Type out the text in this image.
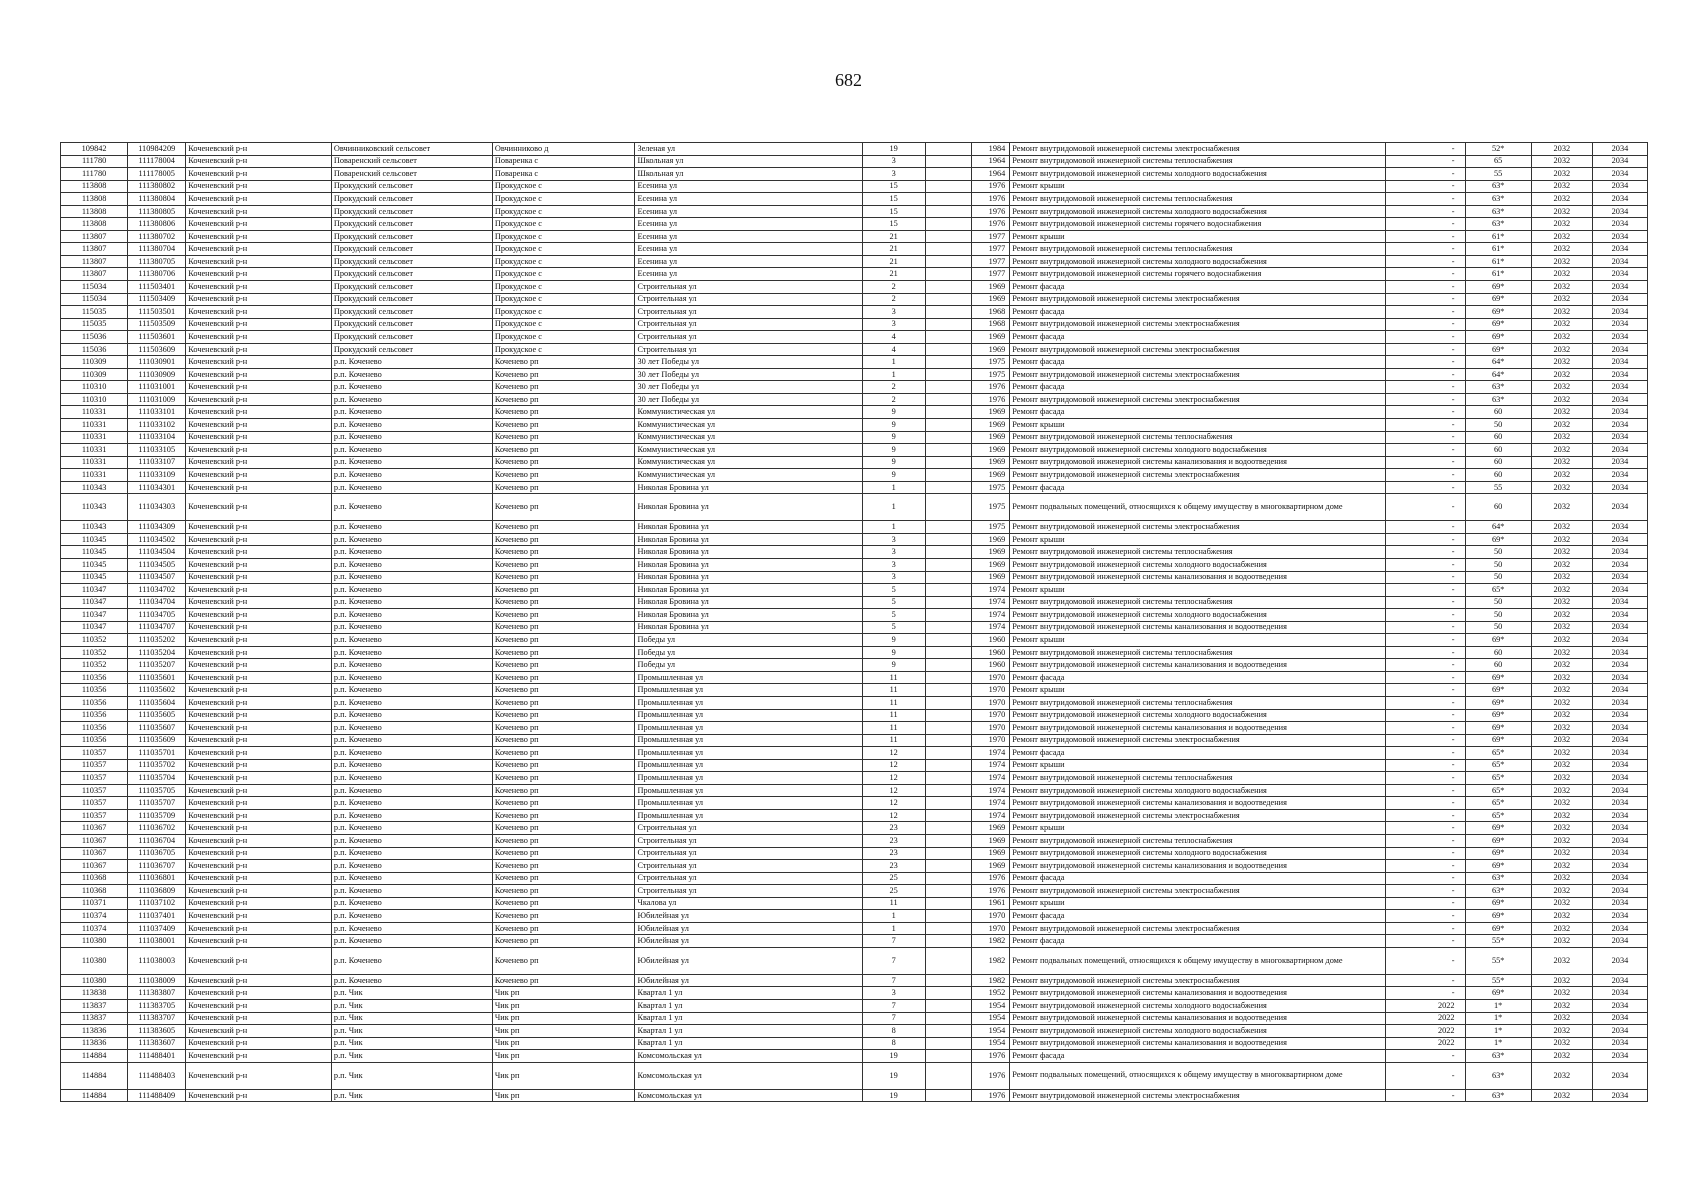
682
109842	110984209	Коченевский р-н	Овчинниковский сельсовет	Овчинниково д	Зеленая ул	19		1984	Ремонт внутридомовой инженерной системы электроснабжения	-	52*	2032	2034
111780	111178004	Коченевский р-н	Поваренский сельсовет	Поваренка с	Школьная ул	3		1964	Ремонт внутридомовой инженерной системы теплоснабжения	-	65	2032	2034
111780	111178005	Коченевский р-н	Поваренский сельсовет	Поваренка с	Школьная ул	3		1964	Ремонт внутридомовой инженерной системы холодного водоснабжения	-	55	2032	2034
113808	111380802	Коченевский р-н	Прокудский сельсовет	Прокудское с	Есенина ул	15		1976	Ремонт крыши	-	63*	2032	2034
113808	111380804	Коченевский р-н	Прокудский сельсовет	Прокудское с	Есенина ул	15		1976	Ремонт внутридомовой инженерной системы теплоснабжения	-	63*	2032	2034
113808	111380805	Коченевский р-н	Прокудский сельсовет	Прокудское с	Есенина ул	15		1976	Ремонт внутридомовой инженерной системы холодного водоснабжения	-	63*	2032	2034
113808	111380806	Коченевский р-н	Прокудский сельсовет	Прокудское с	Есенина ул	15		1976	Ремонт внутридомовой инженерной системы горячего водоснабжения	-	63*	2032	2034
113807	111380702	Коченевский р-н	Прокудский сельсовет	Прокудское с	Есенина ул	21		1977	Ремонт крыши	-	61*	2032	2034
113807	111380704	Коченевский р-н	Прокудский сельсовет	Прокудское с	Есенина ул	21		1977	Ремонт внутридомовой инженерной системы теплоснабжения	-	61*	2032	2034
113807	111380705	Коченевский р-н	Прокудский сельсовет	Прокудское с	Есенина ул	21		1977	Ремонт внутридомовой инженерной системы холодного водоснабжения	-	61*	2032	2034
113807	111380706	Коченевский р-н	Прокудский сельсовет	Прокудское с	Есенина ул	21		1977	Ремонт внутридомовой инженерной системы горячего водоснабжения	-	61*	2032	2034
115034	111503401	Коченевский р-н	Прокудский сельсовет	Прокудское с	Строительная ул	2		1969	Ремонт фасада	-	69*	2032	2034
115034	111503409	Коченевский р-н	Прокудский сельсовет	Прокудское с	Строительная ул	2		1969	Ремонт внутридомовой инженерной системы электроснабжения	-	69*	2032	2034
115035	111503501	Коченевский р-н	Прокудский сельсовет	Прокудское с	Строительная ул	3		1968	Ремонт фасада	-	69*	2032	2034
115035	111503509	Коченевский р-н	Прокудский сельсовет	Прокудское с	Строительная ул	3		1968	Ремонт внутридомовой инженерной системы электроснабжения	-	69*	2032	2034
115036	111503601	Коченевский р-н	Прокудский сельсовет	Прокудское с	Строительная ул	4		1969	Ремонт фасада	-	69*	2032	2034
115036	111503609	Коченевский р-н	Прокудский сельсовет	Прокудское с	Строительная ул	4		1969	Ремонт внутридомовой инженерной системы электроснабжения	-	69*	2032	2034
110309	111030901	Коченевский р-н	р.п. Коченево	Коченево рп	30 лет Победы ул	1		1975	Ремонт фасада	-	64*	2032	2034
110309	111030909	Коченевский р-н	р.п. Коченево	Коченево рп	30 лет Победы ул	1		1975	Ремонт внутридомовой инженерной системы электроснабжения	-	64*	2032	2034
110310	111031001	Коченевский р-н	р.п. Коченево	Коченево рп	30 лет Победы ул	2		1976	Ремонт фасада	-	63*	2032	2034
110310	111031009	Коченевский р-н	р.п. Коченево	Коченево рп	30 лет Победы ул	2		1976	Ремонт внутридомовой инженерной системы электроснабжения	-	63*	2032	2034
110331	111033101	Коченевский р-н	р.п. Коченево	Коченево рп	Коммунистическая ул	9		1969	Ремонт фасада	-	60	2032	2034
110331	111033102	Коченевский р-н	р.п. Коченево	Коченево рп	Коммунистическая ул	9		1969	Ремонт крыши	-	50	2032	2034
110331	111033104	Коченевский р-н	р.п. Коченево	Коченево рп	Коммунистическая ул	9		1969	Ремонт внутридомовой инженерной системы теплоснабжения	-	60	2032	2034
110331	111033105	Коченевский р-н	р.п. Коченево	Коченево рп	Коммунистическая ул	9		1969	Ремонт внутридомовой инженерной системы холодного водоснабжения	-	60	2032	2034
110331	111033107	Коченевский р-н	р.п. Коченево	Коченево рп	Коммунистическая ул	9		1969	Ремонт внутридомовой инженерной системы канализования и водоотведения	-	60	2032	2034
110331	111033109	Коченевский р-н	р.п. Коченево	Коченево рп	Коммунистическая ул	9		1969	Ремонт внутридомовой инженерной системы электроснабжения	-	60	2032	2034
110343	111034301	Коченевский р-н	р.п. Коченево	Коченево рп	Николая Бровина ул	1		1975	Ремонт фасада	-	55	2032	2034
110343	111034303	Коченевский р-н	р.п. Коченево	Коченево рп	Николая Бровина ул	1		1975	Ремонт подвальных помещений, относящихся к общему имуществу в многоквартирном доме	-	60	2032	2034
110343	111034309	Коченевский р-н	р.п. Коченево	Коченево рп	Николая Бровина ул	1		1975	Ремонт внутридомовой инженерной системы электроснабжения	-	64*	2032	2034
110345	111034502	Коченевский р-н	р.п. Коченево	Коченево рп	Николая Бровина ул	3		1969	Ремонт крыши	-	69*	2032	2034
110345	111034504	Коченевский р-н	р.п. Коченево	Коченево рп	Николая Бровина ул	3		1969	Ремонт внутридомовой инженерной системы теплоснабжения	-	50	2032	2034
110345	111034505	Коченевский р-н	р.п. Коченево	Коченево рп	Николая Бровина ул	3		1969	Ремонт внутридомовой инженерной системы холодного водоснабжения	-	50	2032	2034
110345	111034507	Коченевский р-н	р.п. Коченево	Коченево рп	Николая Бровина ул	3		1969	Ремонт внутридомовой инженерной системы канализования и водоотведения	-	50	2032	2034
110347	111034702	Коченевский р-н	р.п. Коченево	Коченево рп	Николая Бровина ул	5		1974	Ремонт крыши	-	65*	2032	2034
110347	111034704	Коченевский р-н	р.п. Коченево	Коченево рп	Николая Бровина ул	5		1974	Ремонт внутридомовой инженерной системы теплоснабжения	-	50	2032	2034
110347	111034705	Коченевский р-н	р.п. Коченево	Коченево рп	Николая Бровина ул	5		1974	Ремонт внутридомовой инженерной системы холодного водоснабжения	-	50	2032	2034
110347	111034707	Коченевский р-н	р.п. Коченево	Коченево рп	Николая Бровина ул	5		1974	Ремонт внутридомовой инженерной системы канализования и водоотведения	-	50	2032	2034
110352	111035202	Коченевский р-н	р.п. Коченево	Коченево рп	Победы ул	9		1960	Ремонт крыши	-	69*	2032	2034
110352	111035204	Коченевский р-н	р.п. Коченево	Коченево рп	Победы ул	9		1960	Ремонт внутридомовой инженерной системы теплоснабжения	-	60	2032	2034
110352	111035207	Коченевский р-н	р.п. Коченево	Коченево рп	Победы ул	9		1960	Ремонт внутридомовой инженерной системы канализования и водоотведения	-	60	2032	2034
110356	111035601	Коченевский р-н	р.п. Коченево	Коченево рп	Промышленная ул	11		1970	Ремонт фасада	-	69*	2032	2034
110356	111035602	Коченевский р-н	р.п. Коченево	Коченево рп	Промышленная ул	11		1970	Ремонт крыши	-	69*	2032	2034
110356	111035604	Коченевский р-н	р.п. Коченево	Коченево рп	Промышленная ул	11		1970	Ремонт внутридомовой инженерной системы теплоснабжения	-	69*	2032	2034
110356	111035605	Коченевский р-н	р.п. Коченево	Коченево рп	Промышленная ул	11		1970	Ремонт внутридомовой инженерной системы холодного водоснабжения	-	69*	2032	2034
110356	111035607	Коченевский р-н	р.п. Коченево	Коченево рп	Промышленная ул	11		1970	Ремонт внутридомовой инженерной системы канализования и водоотведения	-	69*	2032	2034
110356	111035609	Коченевский р-н	р.п. Коченево	Коченево рп	Промышленная ул	11		1970	Ремонт внутридомовой инженерной системы электроснабжения	-	69*	2032	2034
110357	111035701	Коченевский р-н	р.п. Коченево	Коченево рп	Промышленная ул	12		1974	Ремонт фасада	-	65*	2032	2034
110357	111035702	Коченевский р-н	р.п. Коченево	Коченево рп	Промышленная ул	12		1974	Ремонт крыши	-	65*	2032	2034
110357	111035704	Коченевский р-н	р.п. Коченево	Коченево рп	Промышленная ул	12		1974	Ремонт внутридомовой инженерной системы теплоснабжения	-	65*	2032	2034
110357	111035705	Коченевский р-н	р.п. Коченево	Коченево рп	Промышленная ул	12		1974	Ремонт внутридомовой инженерной системы холодного водоснабжения	-	65*	2032	2034
110357	111035707	Коченевский р-н	р.п. Коченево	Коченево рп	Промышленная ул	12		1974	Ремонт внутридомовой инженерной системы канализования и водоотведения	-	65*	2032	2034
110357	111035709	Коченевский р-н	р.п. Коченево	Коченево рп	Промышленная ул	12		1974	Ремонт внутридомовой инженерной системы электроснабжения	-	65*	2032	2034
110367	111036702	Коченевский р-н	р.п. Коченево	Коченево рп	Строительная ул	23		1969	Ремонт крыши	-	69*	2032	2034
110367	111036704	Коченевский р-н	р.п. Коченево	Коченево рп	Строительная ул	23		1969	Ремонт внутридомовой инженерной системы теплоснабжения	-	69*	2032	2034
110367	111036705	Коченевский р-н	р.п. Коченево	Коченево рп	Строительная ул	23		1969	Ремонт внутридомовой инженерной системы холодного водоснабжения	-	69*	2032	2034
110367	111036707	Коченевский р-н	р.п. Коченево	Коченево рп	Строительная ул	23		1969	Ремонт внутридомовой инженерной системы канализования и водоотведения	-	69*	2032	2034
110368	111036801	Коченевский р-н	р.п. Коченево	Коченево рп	Строительная ул	25		1976	Ремонт фасада	-	63*	2032	2034
110368	111036809	Коченевский р-н	р.п. Коченево	Коченево рп	Строительная ул	25		1976	Ремонт внутридомовой инженерной системы электроснабжения	-	63*	2032	2034
110371	111037102	Коченевский р-н	р.п. Коченево	Коченево рп	Чкалова ул	11		1961	Ремонт крыши	-	69*	2032	2034
110374	111037401	Коченевский р-н	р.п. Коченево	Коченево рп	Юбилейная ул	1		1970	Ремонт фасада	-	69*	2032	2034
110374	111037409	Коченевский р-н	р.п. Коченево	Коченево рп	Юбилейная ул	1		1970	Ремонт внутридомовой инженерной системы электроснабжения	-	69*	2032	2034
110380	111038001	Коченевский р-н	р.п. Коченево	Коченево рп	Юбилейная ул	7		1982	Ремонт фасада	-	55*	2032	2034
110380	111038003	Коченевский р-н	р.п. Коченево	Коченево рп	Юбилейная ул	7		1982	Ремонт подвальных помещений, относящихся к общему имуществу в многоквартирном доме	-	55*	2032	2034
110380	111038009	Коченевский р-н	р.п. Коченево	Коченево рп	Юбилейная ул	7		1982	Ремонт внутридомовой инженерной системы электроснабжения	-	55*	2032	2034
113838	111383807	Коченевский р-н	р.п. Чик	Чик рп	Квартал 1 ул	3		1952	Ремонт внутридомовой инженерной системы канализования и водоотведения	-	69*	2032	2034
113837	111383705	Коченевский р-н	р.п. Чик	Чик рп	Квартал 1 ул	7		1954	Ремонт внутридомовой инженерной системы холодного водоснабжения	2022	1*	2032	2034
113837	111383707	Коченевский р-н	р.п. Чик	Чик рп	Квартал 1 ул	7		1954	Ремонт внутридомовой инженерной системы канализования и водоотведения	2022	1*	2032	2034
113836	111383605	Коченевский р-н	р.п. Чик	Чик рп	Квартал 1 ул	8		1954	Ремонт внутридомовой инженерной системы холодного водоснабжения	2022	1*	2032	2034
113836	111383607	Коченевский р-н	р.п. Чик	Чик рп	Квартал 1 ул	8		1954	Ремонт внутридомовой инженерной системы канализования и водоотведения	2022	1*	2032	2034
114884	111488401	Коченевский р-н	р.п. Чик	Чик рп	Комсомольская ул	19		1976	Ремонт фасада	-	63*	2032	2034
114884	111488403	Коченевский р-н	р.п. Чик	Чик рп	Комсомольская ул	19		1976	Ремонт подвальных помещений, относящихся к общему имуществу в многоквартирном доме	-	63*	2032	2034
114884	111488409	Коченевский р-н	р.п. Чик	Чик рп	Комсомольская ул	19		1976	Ремонт внутридомовой инженерной системы электроснабжения	-	63*	2032	2034
